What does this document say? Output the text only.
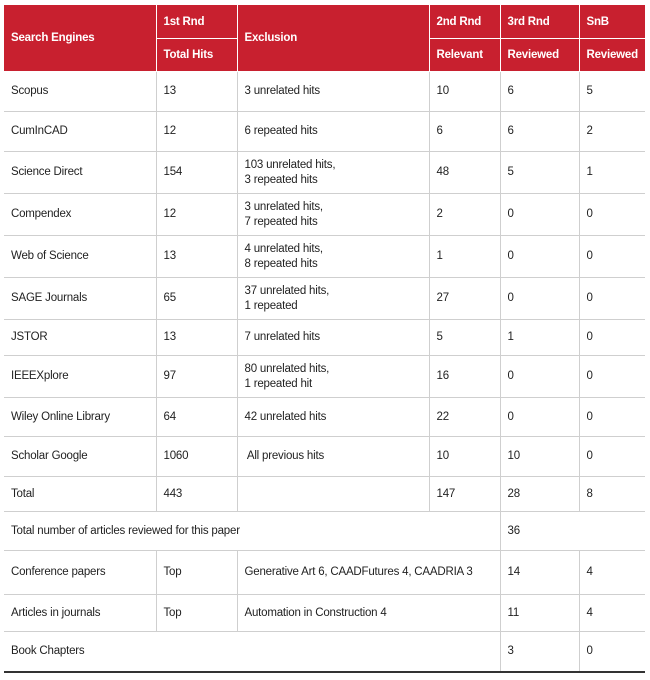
Search Engines	1st Rnd	Exclusion	2nd Rnd	3rd Rnd	SnB
	Total Hits		Relevant	Reviewed	Reviewed
Scopus	13	3 unrelated hits	10	6	5
CumInCAD	12	6 repeated hits	6	6	2
Science Direct	154	103 unrelated hits,
3 repeated hits	48	5	1
Compendex	12	3 unrelated hits,
7 repeated hits	2	0	0
Web of Science	13	4 unrelated hits,
8 repeated hits	1	0	0
SAGE Journals	65	37 unrelated hits,
1 repeated	27	0	0
JSTOR	13	7 unrelated hits	5	1	0
IEEEXplore	97	80 unrelated hits,
1 repeated hit	16	0	0
Wiley Online Library	64	42 unrelated hits	22	0	0
Scholar Google	1060	All previous hits	10	10	0
Total	443		147	28	8
Total number of articles reviewed for this paper				36	
Conference papers	Top	Generative Art 6, CAADFutures 4, CAADRIA 3		14	4
Articles in journals	Top	Automation in Construction 4		11	4
Book Chapters				3	0
